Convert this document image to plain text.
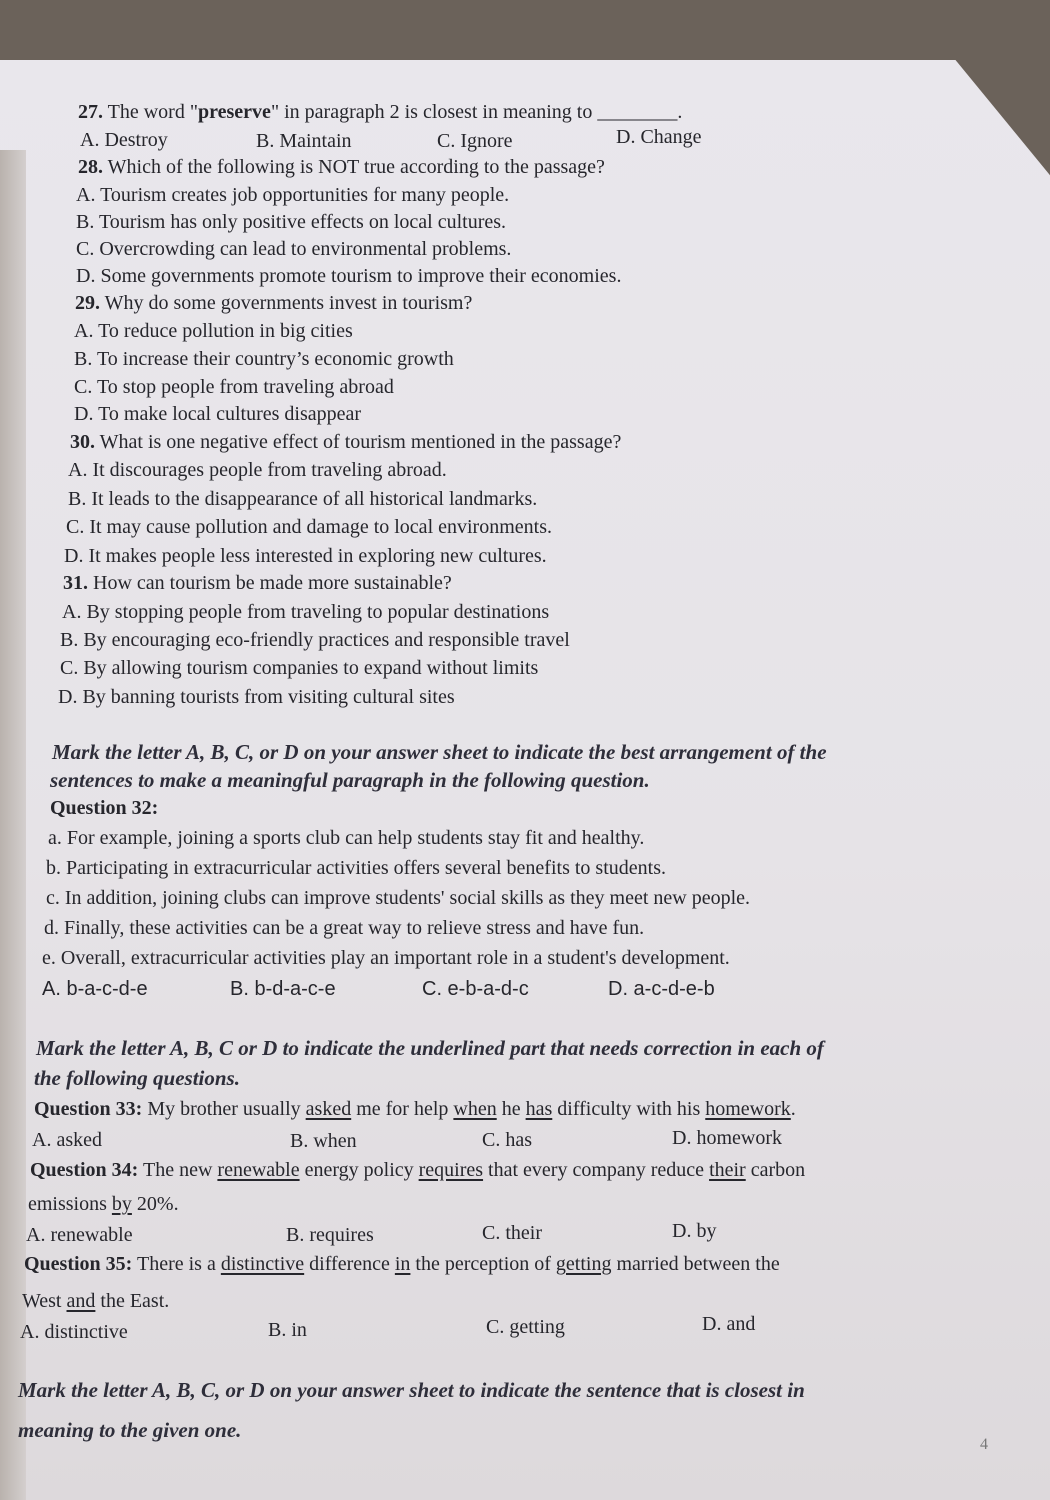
27. The word "preserve" in paragraph 2 is closest in meaning to ________.
A. Destroy	B. Maintain	C. Ignore	D. Change
28. Which of the following is NOT true according to the passage?
A. Tourism creates job opportunities for many people.
B. Tourism has only positive effects on local cultures.
C. Overcrowding can lead to environmental problems.
D. Some governments promote tourism to improve their economies.
29. Why do some governments invest in tourism?
A. To reduce pollution in big cities
B. To increase their country’s economic growth
C. To stop people from traveling abroad
D. To make local cultures disappear
30. What is one negative effect of tourism mentioned in the passage?
A. It discourages people from traveling abroad.
B. It leads to the disappearance of all historical landmarks.
C. It may cause pollution and damage to local environments.
D. It makes people less interested in exploring new cultures.
31. How can tourism be made more sustainable?
A. By stopping people from traveling to popular destinations
B. By encouraging eco-friendly practices and responsible travel
C. By allowing tourism companies to expand without limits
D. By banning tourists from visiting cultural sites
Mark the letter A, B, C, or D on your answer sheet to indicate the best arrangement of the
sentences to make a meaningful paragraph in the following question.
Question 32:
a. For example, joining a sports club can help students stay fit and healthy.
b. Participating in extracurricular activities offers several benefits to students.
c. In addition, joining clubs can improve students' social skills as they meet new people.
d. Finally, these activities can be a great way to relieve stress and have fun.
e. Overall, extracurricular activities play an important role in a student's development.
A. b-a-c-d-e	B. b-d-a-c-e	C. e-b-a-d-c	D. a-c-d-e-b
Mark the letter A, B, C or D to indicate the underlined part that needs correction in each of
the following questions.
Question 33: My brother usually asked me for help when he has difficulty with his homework.
A. asked	B. when	C. has	D. homework
Question 34: The new renewable energy policy requires that every company reduce their carbon
emissions by 20%.
A. renewable	B. requires	C. their	D. by
Question 35: There is a distinctive difference in the perception of getting married between the
West and the East.
A. distinctive	B. in	C. getting	D. and
Mark the letter A, B, C, or D on your answer sheet to indicate the sentence that is closest in
meaning to the given one.
4
